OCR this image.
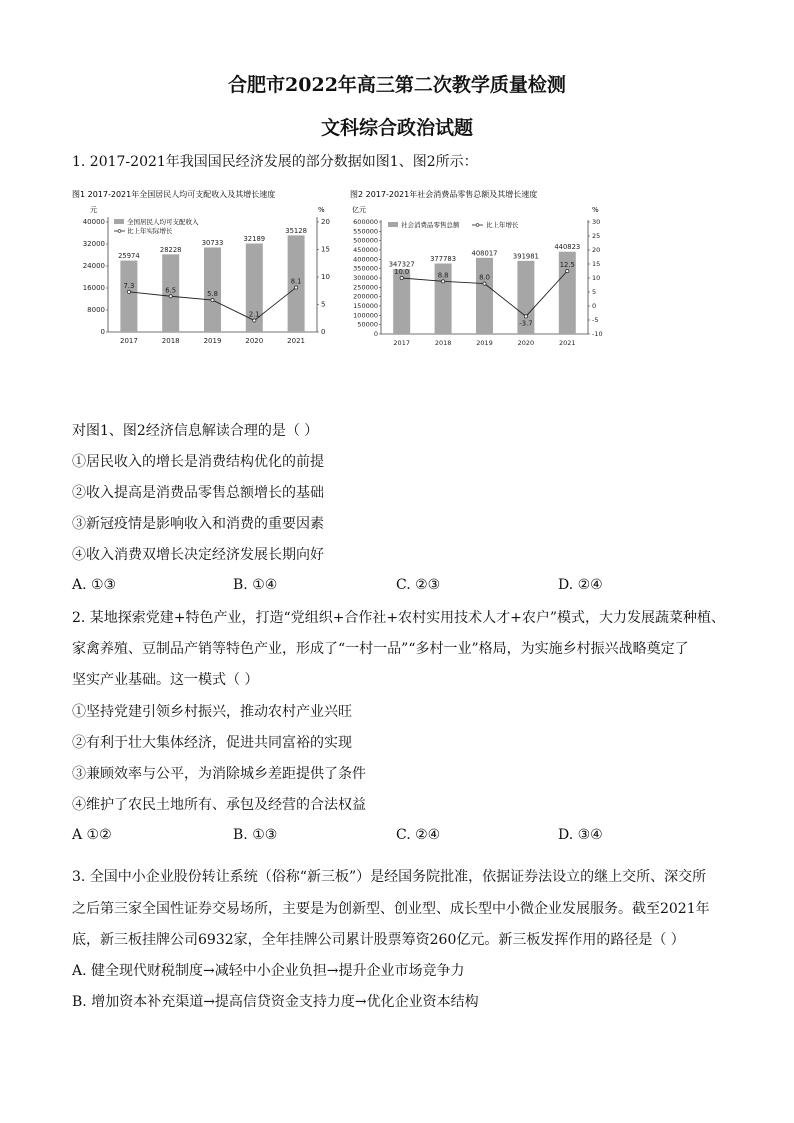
合肥市2022年高三第二次教学质量检测
文科综合政治试题
1. 2017-2021年我国国民经济发展的部分数据如图1、图2所示：
图1 2017-2021年全国居民人均可支配收入及其增长速度
元	%
全国居民人均可支配收入
比上年实际增长
25974
28228
30733
32189
35128
0
8000
16000
24000
32000
40000
0
5
10
15
20
2017	2018	2019	2020	2021
7.3
6.5	5.8
2.1
8.1
图2 2017-2021年社会消费品零售总额及其增长速度
亿元	%
社会消费品零售总额	比上年增长
347327
377783
408017 391981
440823
0
50000
100000
150000
200000
250000
300000
350000
400000
450000
500000
550000
600000
-10
-5
0
5
10
15
20
25
30
2017	2018	2019	2020	2021
10.0	8.8	8.0
-3.7
12.5
对图1、图2经济信息解读合理的是（ ）
①居民收入的增长是消费结构优化的前提
②收入提高是消费品零售总额增长的基础
③新冠疫情是影响收入和消费的重要因素
④收入消费双增长决定经济发展长期向好
A. ①③	B. ①④	C. ②③	D. ②④
2. 某地探索党建+特色产业，打造“党组织+合作社+农村实用技术人才+农户”模式，大力发展蔬菜种植、
家禽养殖、豆制品产销等特色产业，形成了“一村一品”“多村一业”格局，为实施乡村振兴战略奠定了
坚实产业基础。这一模式（ ）
①坚持党建引领乡村振兴，推动农村产业兴旺
②有利于壮大集体经济，促进共同富裕的实现
③兼顾效率与公平，为消除城乡差距提供了条件
④维护了农民土地所有、承包及经营的合法权益
A ①②	B. ①③	C. ②④	D. ③④
3. 全国中小企业股份转让系统（俗称“新三板”）是经国务院批准，依据证券法设立的继上交所、深交所
之后第三家全国性证券交易场所，主要是为创新型、创业型、成长型中小微企业发展服务。截至2021年
底，新三板挂牌公司6932家，全年挂牌公司累计股票筹资260亿元。新三板发挥作用的路径是（ ）
A. 健全现代财税制度→减轻中小企业负担→提升企业市场竞争力
B. 增加资本补充渠道→提高信贷资金支持力度→优化企业资本结构
